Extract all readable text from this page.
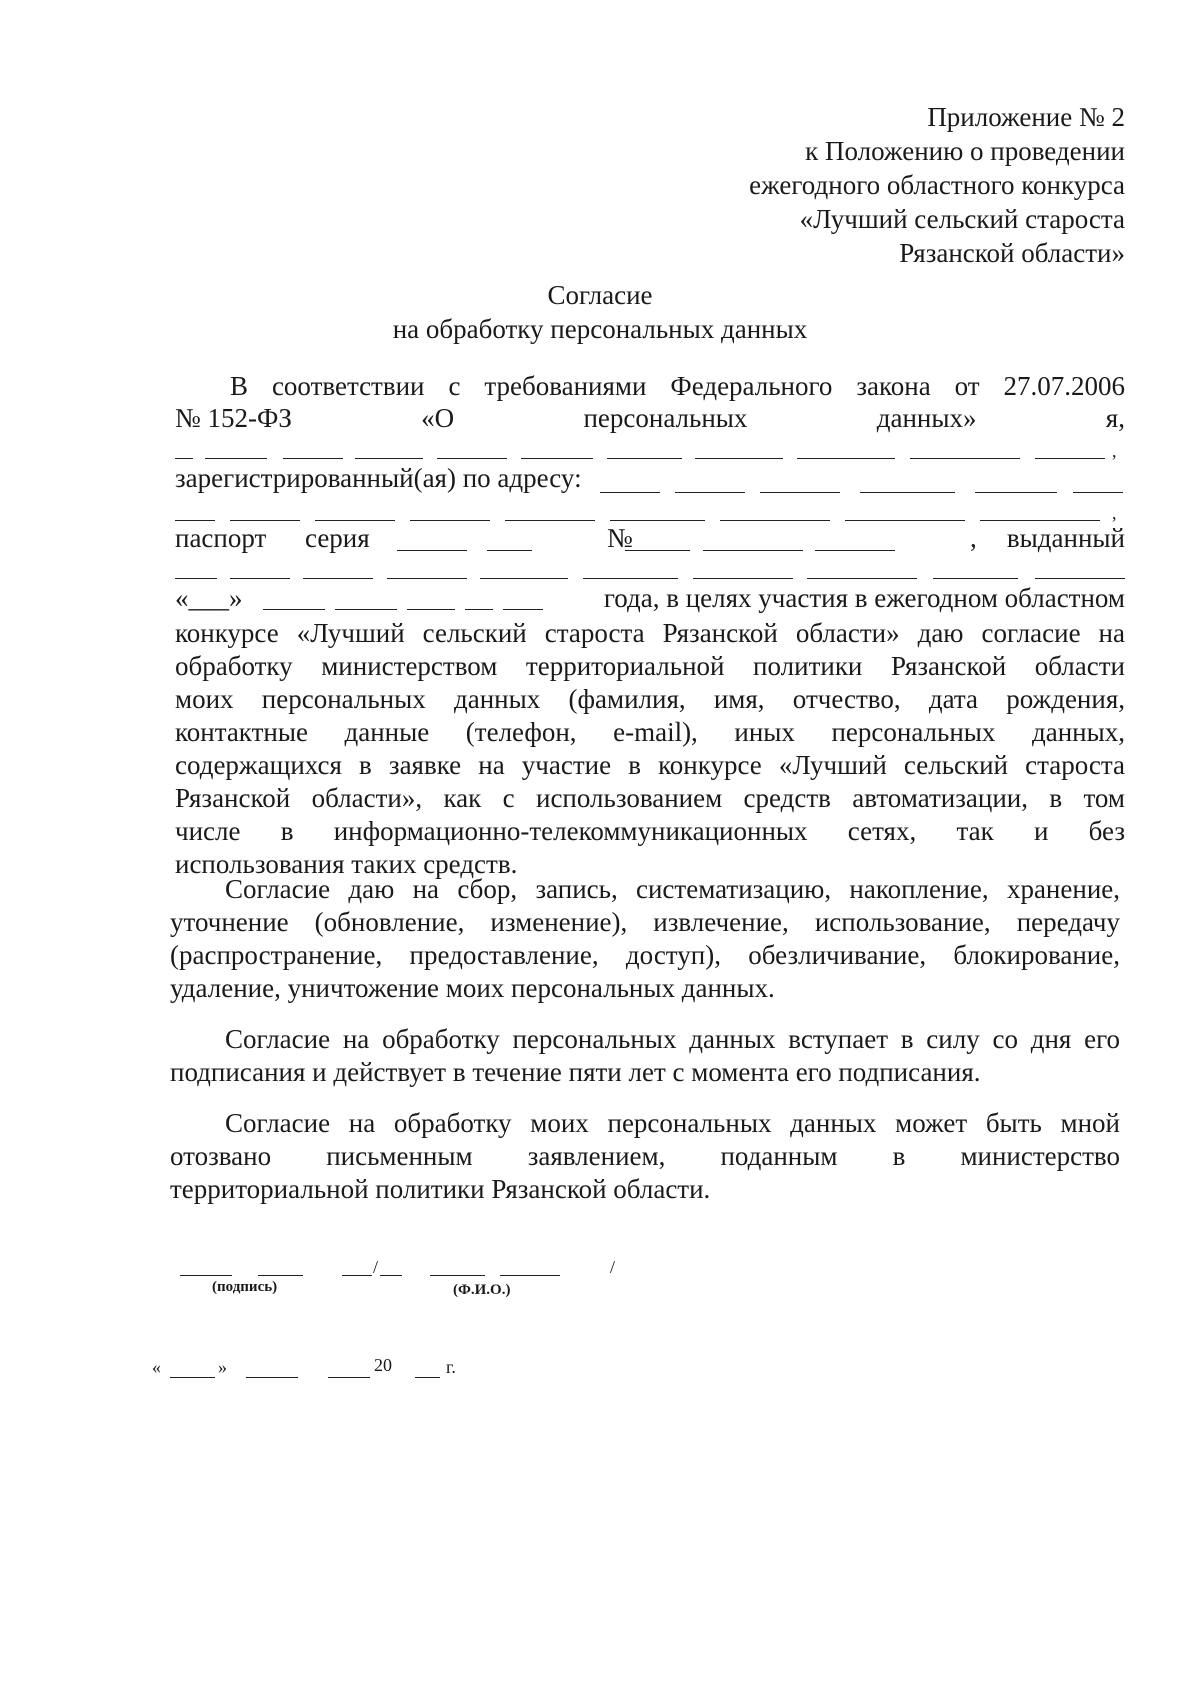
Приложение № 2
к Положению о проведении
ежегодного областного конкурса
«Лучший сельский староста
Рязанской области»
Согласие
на обработку персональных данных
В соответствии с требованиями Федерального закона от 27.07.2006
№ 152-ФЗ	«О	персональных	данных»	я,
,
зарегистрированный(ая) по адресу:
,
паспорт серия	№	, выданный
«___»	года, в целях участия в ежегодном областном
конкурсе «Лучший сельский староста Рязанской области» даю согласие на
обработку министерством территориальной политики Рязанской области
моих персональных данных (фамилия, имя, отчество, дата рождения,
контактные данные (телефон, e-mail), иных персональных данных,
содержащихся в заявке на участие в конкурсе «Лучший сельский староста
Рязанской области», как с использованием средств автоматизации, в том
числе в информационно-телекоммуникационных сетях, так и без
использования таких средств.
Согласие даю на сбор, запись, систематизацию, накопление, хранение,
уточнение (обновление, изменение), извлечение, использование, передачу
(распространение, предоставление, доступ), обезличивание, блокирование,
удаление, уничтожение моих персональных данных.
Согласие на обработку персональных данных вступает в силу со дня его
подписания и действует в течение пяти лет с момента его подписания.
Согласие на обработку моих персональных данных может быть мной
отозвано письменным заявлением, поданным в министерство
территориальной политики Рязанской области.
/	/
(подпись)	(Ф.И.О.)
«	»	20	г.
